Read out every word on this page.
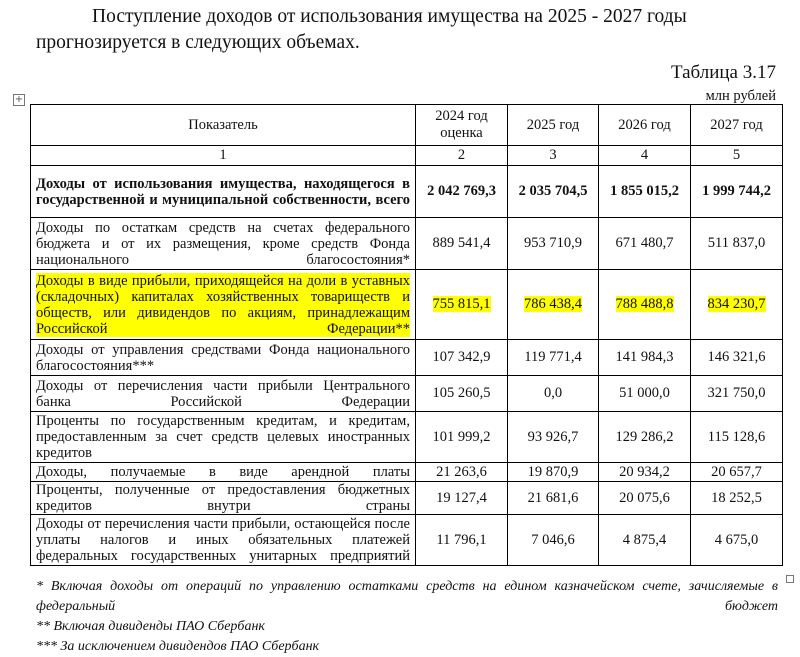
Поступление доходов от использования имущества на 2025 - 2027 годы прогнозируется в следующих объемах.
Таблица 3.17
млн рублей
+
Показатель	2024 год оценка	2025 год	2026 год	2027 год
1	2	3	4	5
Доходы от использования имущества, находящегося в государственной и муниципальной собственности, всего	2 042 769,3	2 035 704,5	1 855 015,2	1 999 744,2
Доходы по остаткам средств на счетах федерального бюджета и от их размещения, кроме средств Фонда национального благосостояния*	889 541,4	953 710,9	671 480,7	511 837,0
Доходы в виде прибыли, приходящейся на доли в уставных (складочных) капиталах хозяйственных товариществ и обществ, или дивидендов по акциям, принадлежащим Российской Федерации**	755 815,1	786 438,4	788 488,8	834 230,7
Доходы от управления средствами Фонда национального благосостояния***	107 342,9	119 771,4	141 984,3	146 321,6
Доходы от перечисления части прибыли Центрального банка Российской Федерации	105 260,5	0,0	51 000,0	321 750,0
Проценты по государственным кредитам, и кредитам, предоставленным за счет средств целевых иностранных кредитов	101 999,2	93 926,7	129 286,2	115 128,6
Доходы, получаемые в виде арендной платы	21 263,6	19 870,9	20 934,2	20 657,7
Проценты, полученные от предоставления бюджетных кредитов внутри страны	19 127,4	21 681,6	20 075,6	18 252,5
Доходы от перечисления части прибыли, остающейся после уплаты налогов и иных обязательных платежей федеральных государственных унитарных предприятий	11 796,1	7 046,6	4 875,4	4 675,0
* Включая доходы от операций по управлению остатками средств на едином казначейском счете, зачисляемые в федеральный бюджет
** Включая дивиденды ПАО Сбербанк
*** За исключением дивидендов ПАО Сбербанк
